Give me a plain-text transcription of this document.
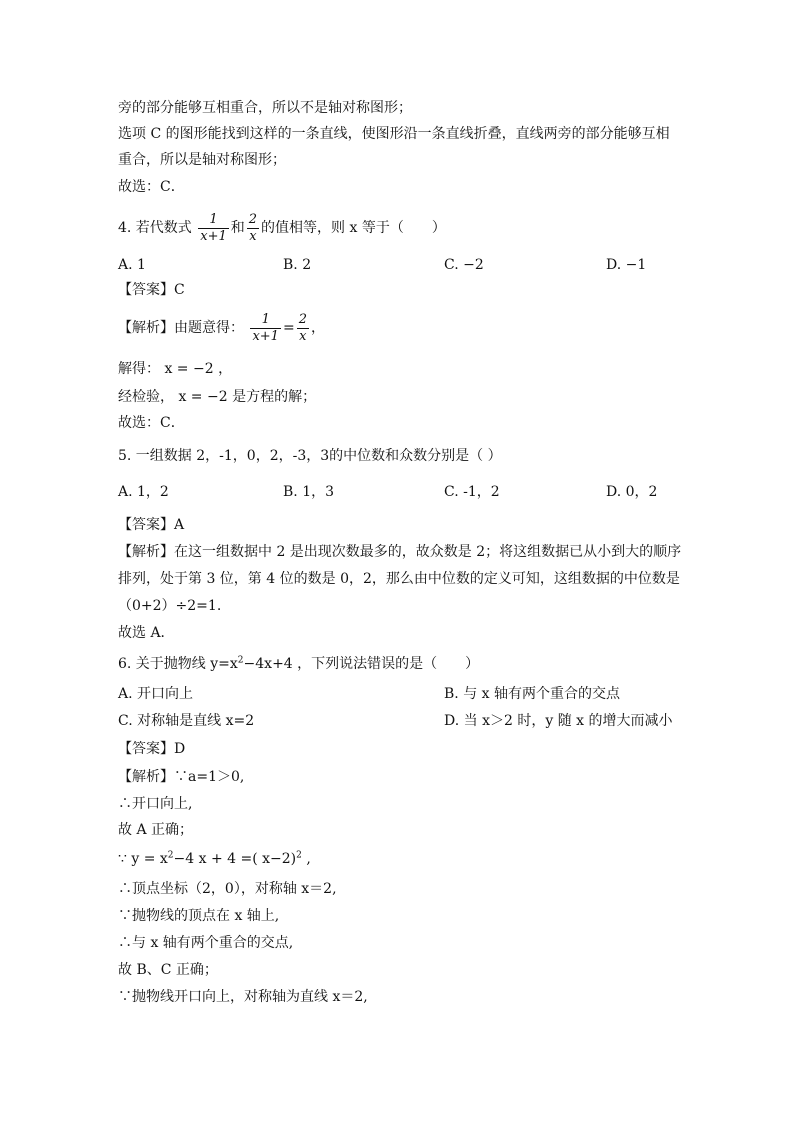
旁的部分能够互相重合，所以不是轴对称图形；
选项 C 的图形能找到这样的一条直线，使图形沿一条直线折叠，直线两旁的部分能够互相
重合，所以是轴对称图形；
故选：C．
4. 若代数式 $\frac{1}{x+1}$ 和 $\frac{2}{x}$ 的值相等，则 x 等于（　　）
A. 1	B. 2	C. −2	D. −1
【答案】C
【解析】由题意得： $\frac{1}{x+1} = \frac{2}{x}$ ，
解得： x = −2 ，
经检验， x = −2 是方程的解；
故选：C．
5. 一组数据 2，-1，0，2，-3，3的中位数和众数分别是（ ）
A. 1，2	B. 1，3	C. -1，2	D. 0，2
【答案】A
【解析】在这一组数据中 2 是出现次数最多的，故众数是 2；将这组数据已从小到大的顺序
排列，处于第 3 位，第 4 位的数是 0，2，那么由中位数的定义可知，这组数据的中位数是
（0+2）÷2=1.
故选 A．
6. 关于抛物线 $y=x^2-4x+4$ ，下列说法错误的是（　　）
A. 开口向上	B. 与 x 轴有两个重合的交点
C. 对称轴是直线 x=2	D. 当 x＞2 时，y 随 x 的增大而减小
【答案】D
【解析】∵a=1＞0,
∴开口向上,
故 A 正确；
∵ $y = x^2-4$ x + 4 =( x−2)$^2$ ,
∴顶点坐标（2，0），对称轴 x＝2,
∵抛物线的顶点在 x 轴上,
∴与 x 轴有两个重合的交点,
故 B、C 正确；
∵抛物线开口向上，对称轴为直线 x＝2,
